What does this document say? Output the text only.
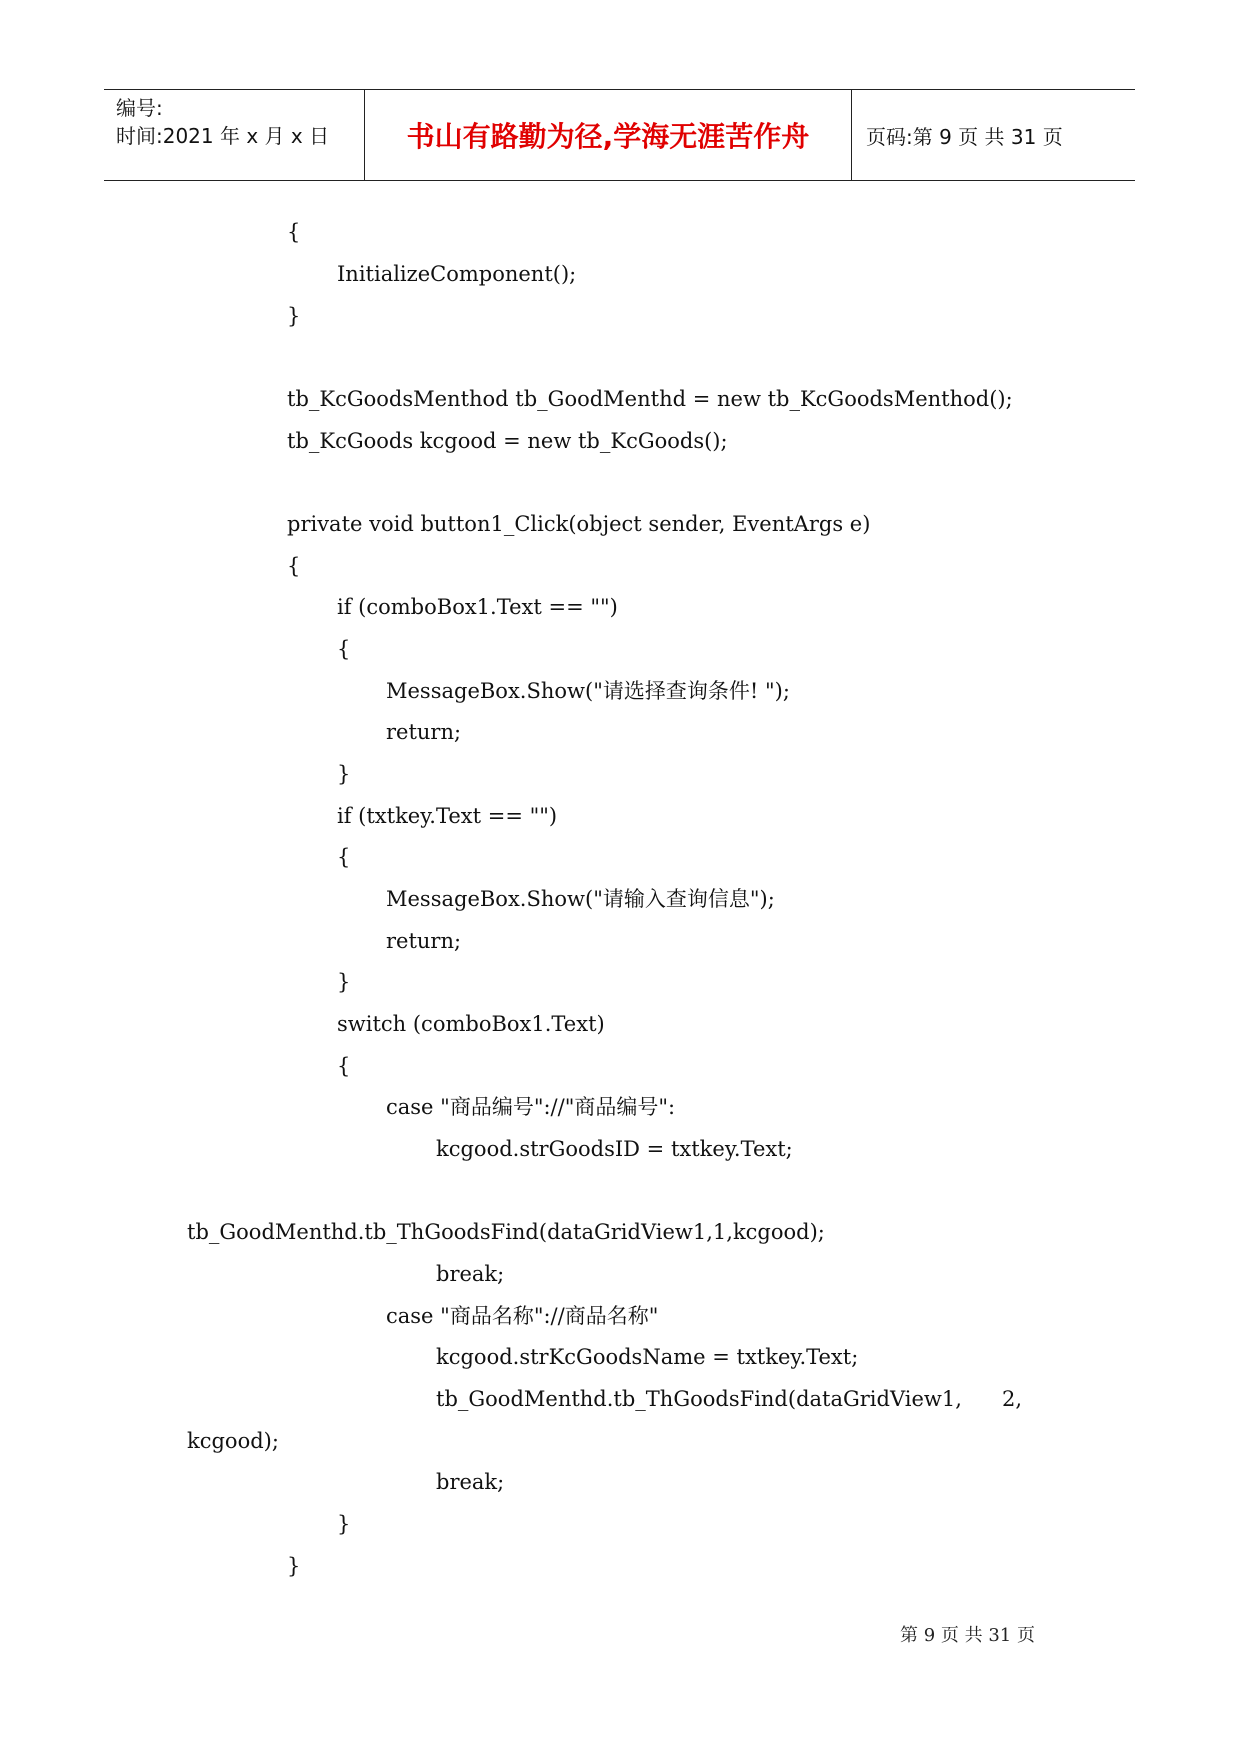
编号:
时间:2021 年 x 月 x 日	书山有路勤为径,学海无涯苦作舟	页码:第 9 页 共 31 页
{
InitializeComponent();
}
tb_KcGoodsMenthod tb_GoodMenthd = new tb_KcGoodsMenthod();
tb_KcGoods kcgood = new tb_KcGoods();
private void button1_Click(object sender, EventArgs e)
{
if (comboBox1.Text == "")
{
MessageBox.Show("请选择查询条件! ");
return;
}
if (txtkey.Text == "")
{
MessageBox.Show("请输入查询信息");
return;
}
switch (comboBox1.Text)
{
case "商品编号"://"商品编号":
kcgood.strGoodsID = txtkey.Text;
tb_GoodMenthd.tb_ThGoodsFind(dataGridView1,1,kcgood);
break;
case "商品名称"://商品名称"
kcgood.strKcGoodsName = txtkey.Text;
tb_GoodMenthd.tb_ThGoodsFind(dataGridView1,      2,
kcgood);
break;
}
}
第 9 页 共 31 页
